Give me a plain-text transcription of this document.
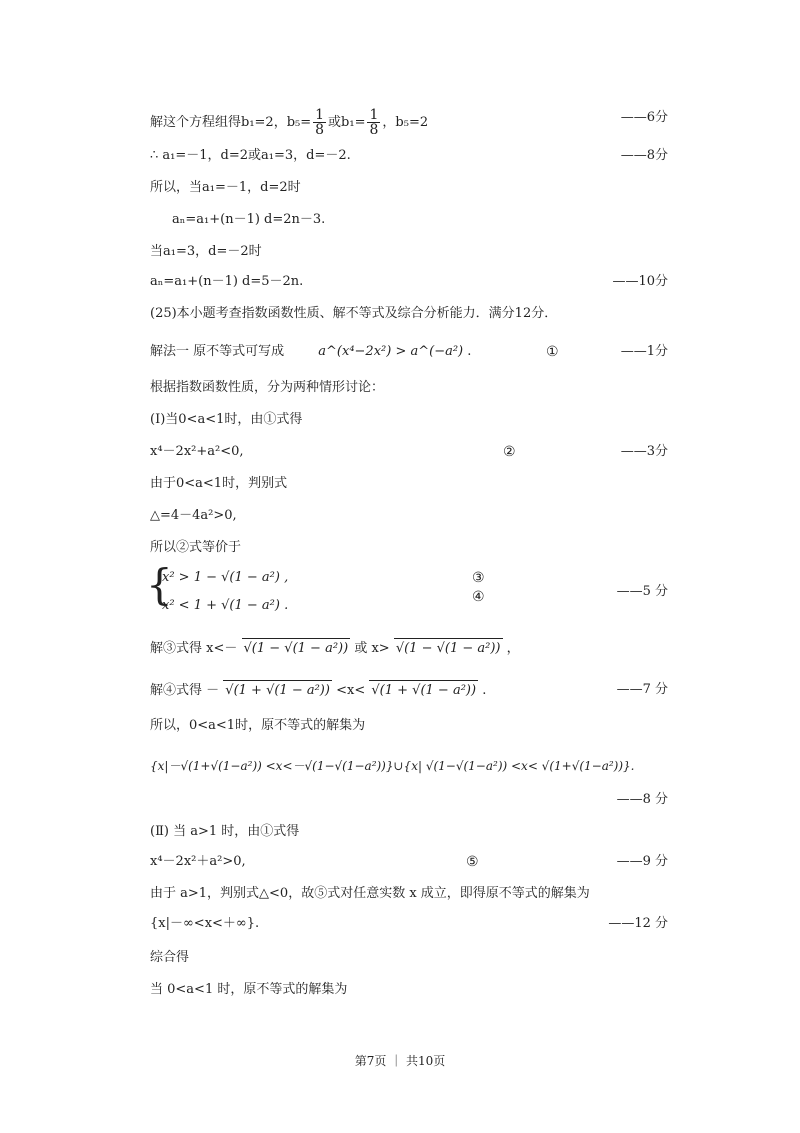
解这个方程组得b₁=2，$b_5= \frac{1}{8}$ 或$b_1= \frac{1}{8}$ ，b₅=2	——6分
∴ a₁=－1，d=2或a₁=3，d=－2.	——8分
所以，当a₁=－1，d=2时
aₙ=a₁+(n－1) d=2n－3.
当a₁=3，d=－2时
aₙ=a₁+(n－1) d=5－2n.	——10分
(25)本小题考查指数函数性质、解不等式及综合分析能力．满分12分．
解法一 原不等式可写成	a^(x⁴−2x²) > a^(−a²) .	①	——1分
根据指数函数性质，分为两种情形讨论：
(Ⅰ)当0<a<1时，由①式得
x⁴－2x²+a²<0,	②	——3分
由于0<a<1时，判别式
△=4－4a²>0,
所以②式等价于
{
x² > 1 − √(1 − a²) ,
x² < 1 + √(1 − a²) .
③
④	——5 分
解③式得 x<－ √(1 − √(1 − a²)) 或 x> √(1 − √(1 − a²)) ，
解④式得 － √(1 + √(1 − a²)) <x< √(1 + √(1 − a²)) .	——7 分
所以，0<a<1时，原不等式的解集为
{x|－√(1+√(1−a²)) <x<－√(1−√(1−a²))}∪{x| √(1−√(1−a²)) <x< √(1+√(1−a²))}.
——8 分
(Ⅱ) 当 a>1 时，由①式得
x⁴－2x²＋a²>0,	⑤	——9 分
由于 a>1，判别式△<0，故⑤式对任意实数 x 成立，即得原不等式的解集为
{x|－∞<x<＋∞}.	——12 分
综合得
当 0<a<1 时，原不等式的解集为
第7页 ｜ 共10页
